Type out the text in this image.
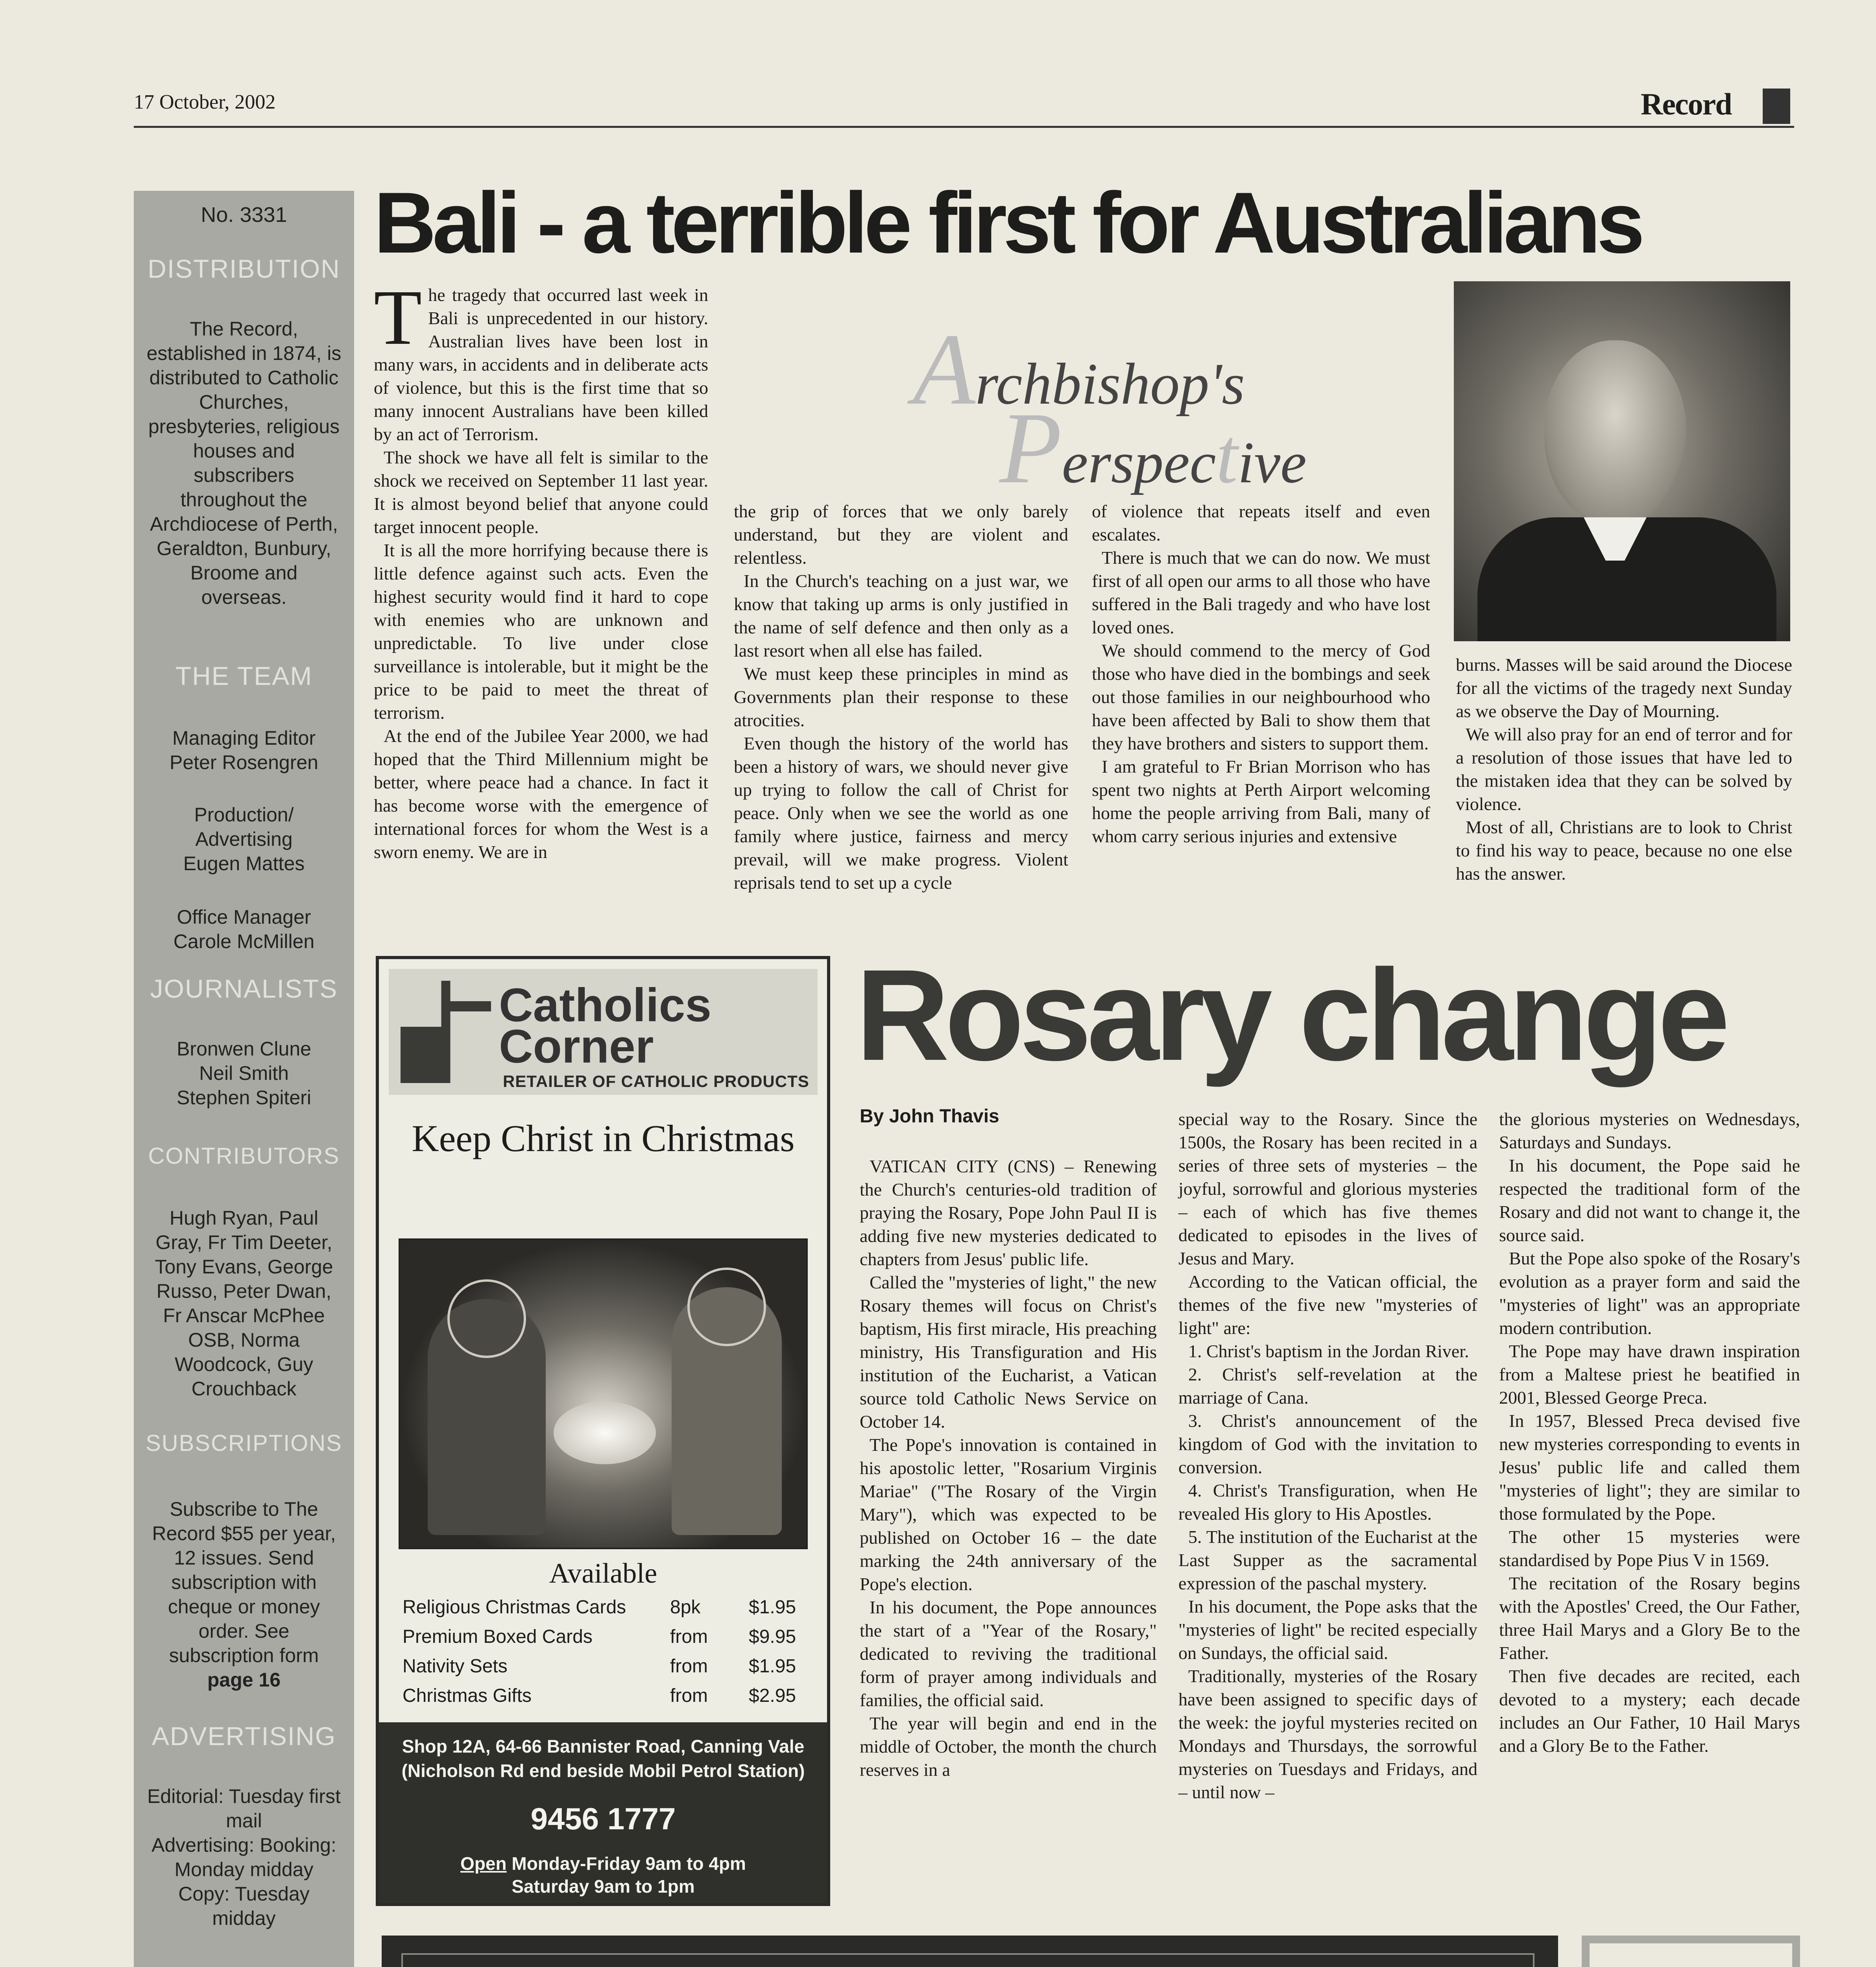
17 October, 2002	Record
No. 3331
DISTRIBUTION
The Record, established in 1874, is distributed to Catholic Churches, presbyteries, religious houses and subscribers throughout the Archdiocese of Perth, Geraldton, Bunbury, Broome and overseas.
THE TEAM
Managing Editor
Peter Rosengren
Production/
Advertising
Eugen Mattes
Office Manager
Carole McMillen
JOURNALISTS
Bronwen Clune
Neil Smith
Stephen Spiteri
CONTRIBUTORS
Hugh Ryan, Paul Gray, Fr Tim Deeter, Tony Evans, George Russo, Peter Dwan, Fr Anscar McPhee OSB, Norma Woodcock, Guy Crouchback
SUBSCRIPTIONS
Subscribe to The Record $55 per year, 12 issues. Send subscription with cheque or money order. See subscription form page 16
ADVERTISING
Editorial: Tuesday first mail
Advertising: Booking: Monday midday
Copy: Tuesday midday
Bali - a terrible first for Australians

The tragedy that occurred last week in Bali is unprecedented in our history. Australian lives have been lost in many wars, in accidents and in deliberate acts of violence, but this is the first time that so many innocent Australians have been killed by an act of Terrorism.

The shock we have all felt is similar to the shock we received on September 11 last year. It is almost beyond belief that anyone could target innocent people.

It is all the more horrifying because there is little defence against such acts. Even the highest security would find it hard to cope with enemies who are unknown and unpredictable. To live under close surveillance is intolerable, but it might be the price to be paid to meet the threat of terrorism.

At the end of the Jubilee Year 2000, we had hoped that the Third Millennium might be better, where peace had a chance. In fact it has become worse with the emergence of international forces for whom the West is a sworn enemy. We are in

Archbishop's
Perspective

the grip of forces that we only barely understand, but they are violent and relentless.

In the Church's teaching on a just war, we know that taking up arms is only justified in the name of self defence and then only as a last resort when all else has failed.

We must keep these principles in mind as Governments plan their response to these atrocities.

Even though the history of the world has been a history of wars, we should never give up trying to follow the call of Christ for peace. Only when we see the world as one family where justice, fairness and mercy prevail, will we make progress. Violent reprisals tend to set up a cycle

of violence that repeats itself and even escalates.

There is much that we can do now. We must first of all open our arms to all those who have suffered in the Bali tragedy and who have lost loved ones.

We should commend to the mercy of God those who have died in the bombings and seek out those families in our neighbourhood who have been affected by Bali to show them that they have brothers and sisters to support them.

I am grateful to Fr Brian Morrison who has spent two nights at Perth Airport welcoming home the people arriving from Bali, many of whom carry serious injuries and extensive

burns. Masses will be said around the Diocese for all the victims of the tragedy next Sunday as we observe the Day of Mourning.

We will also pray for an end of terror and for a resolution of those issues that have led to the mistaken idea that they can be solved by violence.

Most of all, Christians are to look to Christ to find his way to peace, because no one else has the answer.

Catholics
Corner
RETAILER OF CATHOLIC PRODUCTS
Keep Christ in Christmas
Available
Religious Christmas Cards 8pk	$1.95
Premium Boxed Cards	from $9.95
Nativity Sets	from $1.95
Christmas Gifts	from $2.95
Shop 12A, 64-66 Bannister Road, Canning Vale (Nicholson Rd end beside Mobil Petrol Station)
9456 1777
Open Monday-Friday 9am to 4pm
Saturday 9am to 1pm
Rosary change
By John Thavis

VATICAN CITY (CNS) – Renewing the Church's centuries-old tradition of praying the Rosary, Pope John Paul II is adding five new mysteries dedicated to chapters from Jesus' public life.

Called the "mysteries of light," the new Rosary themes will focus on Christ's baptism, His first miracle, His preaching ministry, His Transfiguration and His institution of the Eucharist, a Vatican source told Catholic News Service on October 14.

The Pope's innovation is contained in his apostolic letter, "Rosarium Virginis Mariae" ("The Rosary of the Virgin Mary"), which was expected to be published on October 16 – the date marking the 24th anniversary of the Pope's election.

In his document, the Pope announces the start of a "Year of the Rosary," dedicated to reviving the traditional form of prayer among individuals and families, the official said.

The year will begin and end in the middle of October, the month the church reserves in a

special way to the Rosary. Since the 1500s, the Rosary has been recited in a series of three sets of mysteries – the joyful, sorrowful and glorious mysteries – each of which has five themes dedicated to episodes in the lives of Jesus and Mary.

According to the Vatican official, the themes of the five new "mysteries of light" are:

1. Christ's baptism in the Jordan River.

2. Christ's self-revelation at the marriage of Cana.

3. Christ's announcement of the kingdom of God with the invitation to conversion.

4. Christ's Transfiguration, when He revealed His glory to His Apostles.

5. The institution of the Eucharist at the Last Supper as the sacramental expression of the paschal mystery.

In his document, the Pope asks that the "mysteries of light" be recited especially on Sundays, the official said.

Traditionally, mysteries of the Rosary have been assigned to specific days of the week: the joyful mysteries recited on Mondays and Thursdays, the sorrowful mysteries on Tuesdays and Fridays, and – until now –

the glorious mysteries on Wednesdays, Saturdays and Sundays.

In his document, the Pope said he respected the traditional form of the Rosary and did not want to change it, the source said.

But the Pope also spoke of the Rosary's evolution as a prayer form and said the "mysteries of light" was an appropriate modern contribution.

The Pope may have drawn inspiration from a Maltese priest he beatified in 2001, Blessed George Preca.

In 1957, Blessed Preca devised five new mysteries corresponding to events in Jesus' public life and called them "mysteries of light"; they are similar to those formulated by the Pope.

The other 15 mysteries were standardised by Pope Pius V in 1569.

The recitation of the Rosary begins with the Apostles' Creed, the Our Father, three Hail Marys and a Glory Be to the Father.

Then five decades are recited, each devoted to a mystery; each decade includes an Our Father, 10 Hail Marys and a Glory Be to the Father.
